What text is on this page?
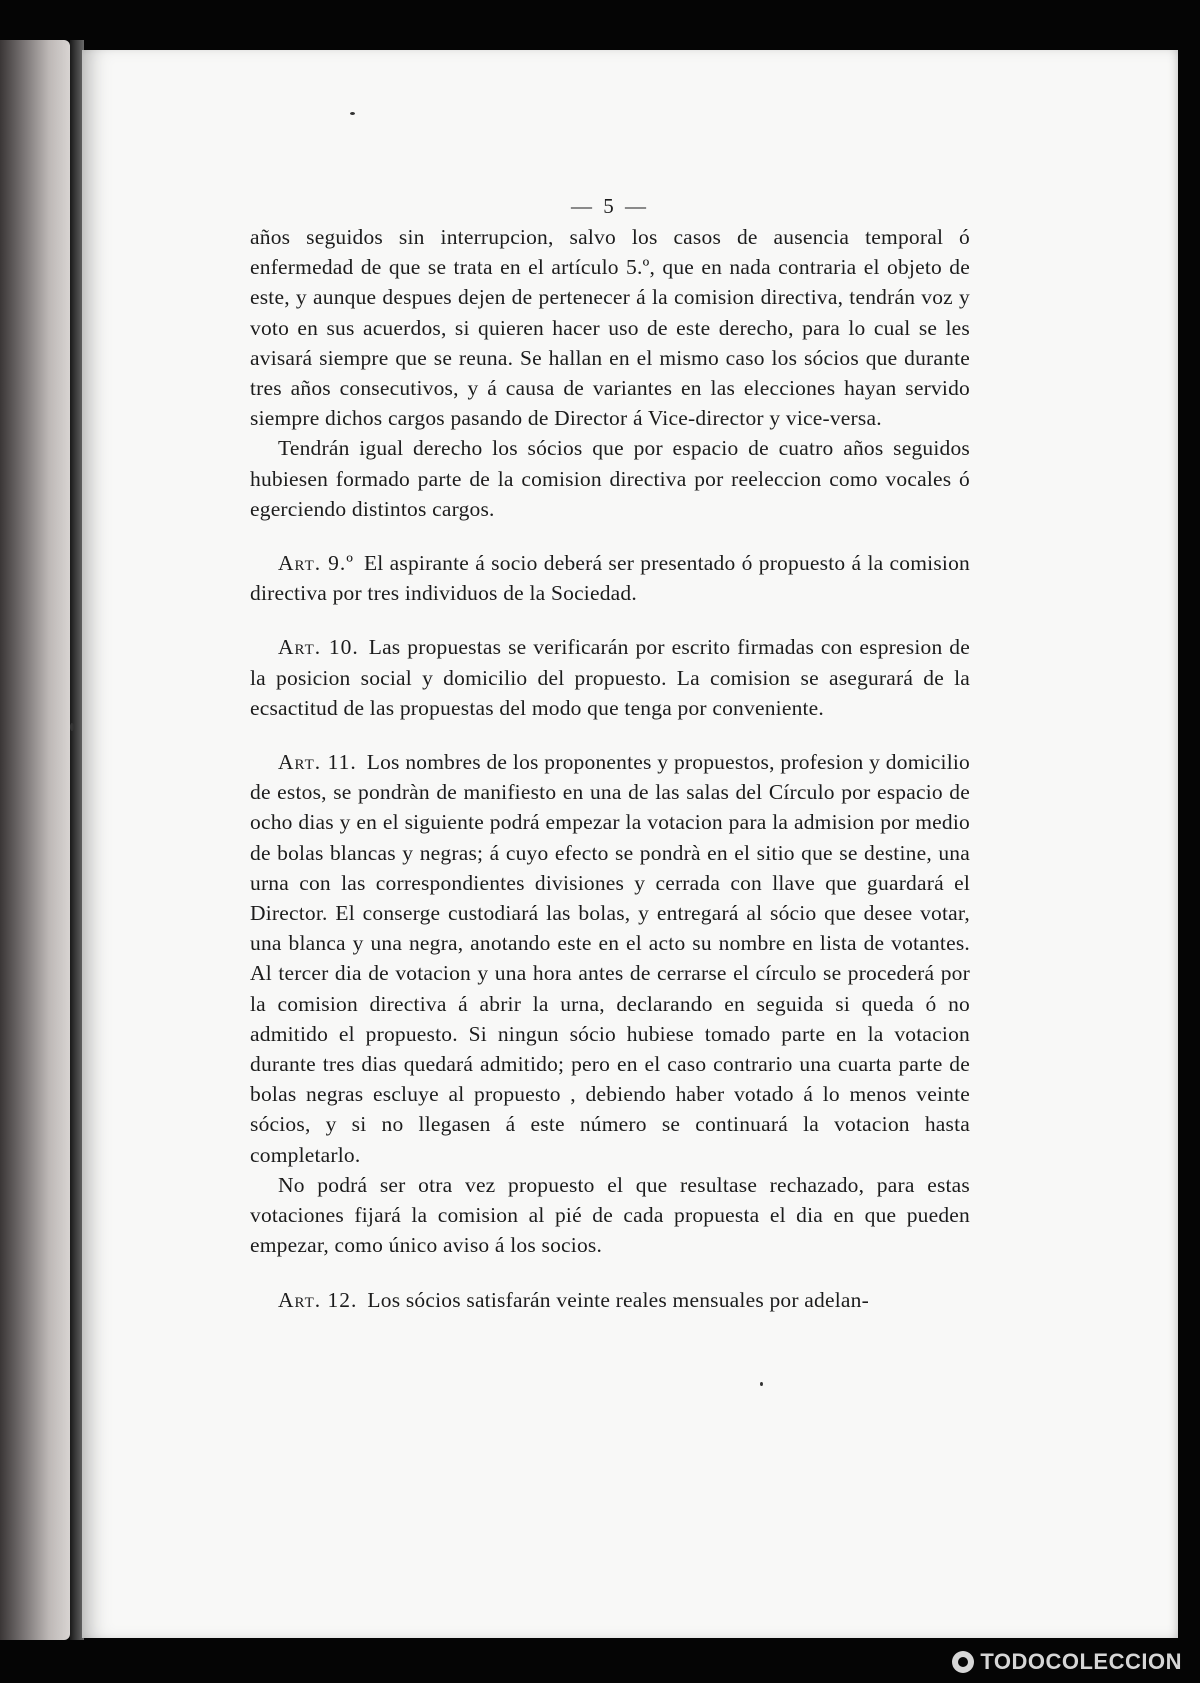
— 5 —

años seguidos sin interrupcion, salvo los casos de ausencia temporal ó enfermedad de que se trata en el artículo 5.º, que en nada contraria el objeto de este, y aunque despues dejen de pertenecer á la comision directiva, tendrán voz y voto en sus acuerdos, si quieren hacer uso de este derecho, para lo cual se les avisará siempre que se reuna. Se hallan en el mismo caso los sócios que durante tres años consecutivos, y á causa de variantes en las elecciones hayan servido siempre dichos cargos pasando de Director á Vice-director y vice-versa.

Tendrán igual derecho los sócios que por espacio de cuatro años seguidos hubiesen formado parte de la comision directiva por reeleccion como vocales ó egerciendo distintos cargos.

Art. 9.º El aspirante á socio deberá ser presentado ó propuesto á la comision directiva por tres individuos de la Sociedad.

Art. 10. Las propuestas se verificarán por escrito firmadas con espresion de la posicion social y domicilio del propuesto. La comision se asegurará de la ecsactitud de las propuestas del modo que tenga por conveniente.

Art. 11. Los nombres de los proponentes y propuestos, profesion y domicilio de estos, se pondràn de manifiesto en una de las salas del Círculo por espacio de ocho dias y en el siguiente podrá empezar la votacion para la admision por medio de bolas blancas y negras; á cuyo efecto se pondrà en el sitio que se destine, una urna con las correspondientes divisiones y cerrada con llave que guardará el Director. El conserge custodiará las bolas, y entregará al sócio que desee votar, una blanca y una negra, anotando este en el acto su nombre en lista de votantes. Al tercer dia de votacion y una hora antes de cerrarse el círculo se procederá por la comision directiva á abrir la urna, declarando en seguida si queda ó no admitido el propuesto. Si ningun sócio hubiese tomado parte en la votacion durante tres dias quedará admitido; pero en el caso contrario una cuarta parte de bolas negras escluye al propuesto , debiendo haber votado á lo menos veinte sócios, y si no llegasen á este número se continuará la votacion hasta completarlo.

No podrá ser otra vez propuesto el que resultase rechazado, para estas votaciones fijará la comision al pié de cada propuesta el dia en que pueden empezar, como único aviso á los socios.

Art. 12. Los sócios satisfarán veinte reales mensuales por adelan-

TODOCOLECCION
